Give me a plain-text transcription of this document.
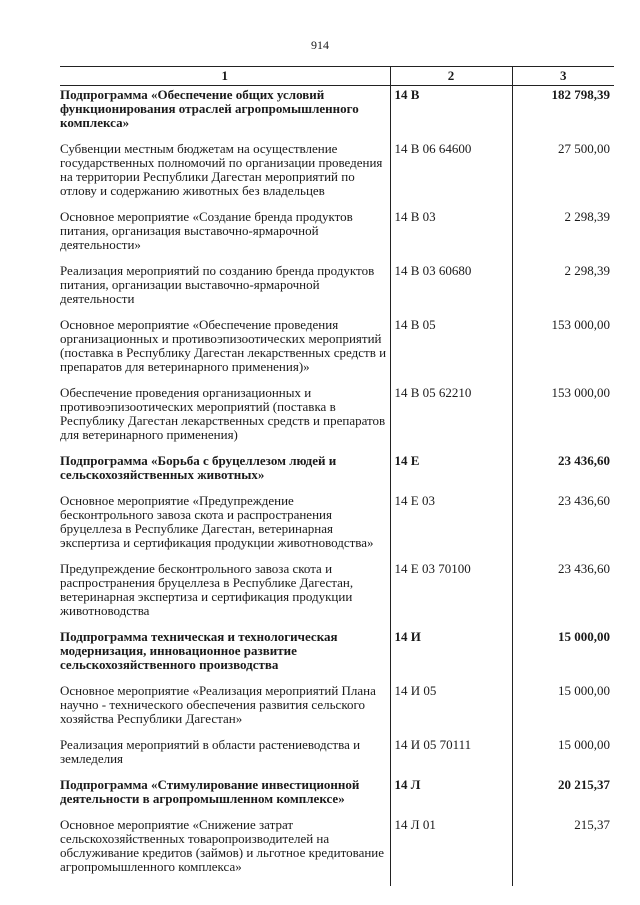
914
1	2	3
Подпрограмма «Обеспечение общих условий функционирования отраслей агропромышленного комплекса»	14 В	182 798,39
Субвенции местным бюджетам на осуществление государственных полномочий по организации проведения на территории Республики Дагестан мероприятий по отлову и содержанию животных без владельцев	14 В 06 64600	27 500,00
Основное мероприятие «Создание бренда продуктов питания, организация выставочно-ярмарочной деятельности»	14 В 03	2 298,39
Реализация мероприятий по созданию бренда продуктов питания, организации выставочно-ярмарочной деятельности	14 В 03 60680	2 298,39
Основное мероприятие «Обеспечение проведения организационных и противоэпизоотических мероприятий (поставка в Республику Дагестан лекарственных средств и препаратов для ветеринарного применения)»	14 В 05	153 000,00
Обеспечение проведения организационных и противоэпизоотических мероприятий (поставка в Республику Дагестан лекарственных средств и препаратов для ветеринарного применения)	14 В 05 62210	153 000,00
Подпрограмма «Борьба с бруцеллезом людей и сельскохозяйственных животных»	14 Е	23 436,60
Основное мероприятие «Предупреждение бесконтрольного завоза скота и распространения бруцеллеза в Республике Дагестан, ветеринарная экспертиза и сертификация продукции животноводства»	14 Е 03	23 436,60
Предупреждение бесконтрольного завоза скота и распространения бруцеллеза в Республике Дагестан, ветеринарная экспертиза и сертификация продукции животноводства	14 Е 03 70100	23 436,60
Подпрограмма техническая и технологическая модернизация, инновационное развитие сельскохозяйственного производства	14 И	15 000,00
Основное мероприятие «Реализация мероприятий Плана научно - технического обеспечения развития сельского хозяйства Республики Дагестан»	14 И 05	15 000,00
Реализация мероприятий в области растениеводства и земледелия	14 И 05 70111	15 000,00
Подпрограмма «Стимулирование инвестиционной деятельности в агропромышленном комплексе»	14 Л	20 215,37
Основное мероприятие «Снижение затрат сельскохозяйственных товаропроизводителей на обслуживание кредитов (займов) и льготное кредитование агропромышленного комплекса»	14 Л 01	215,37
